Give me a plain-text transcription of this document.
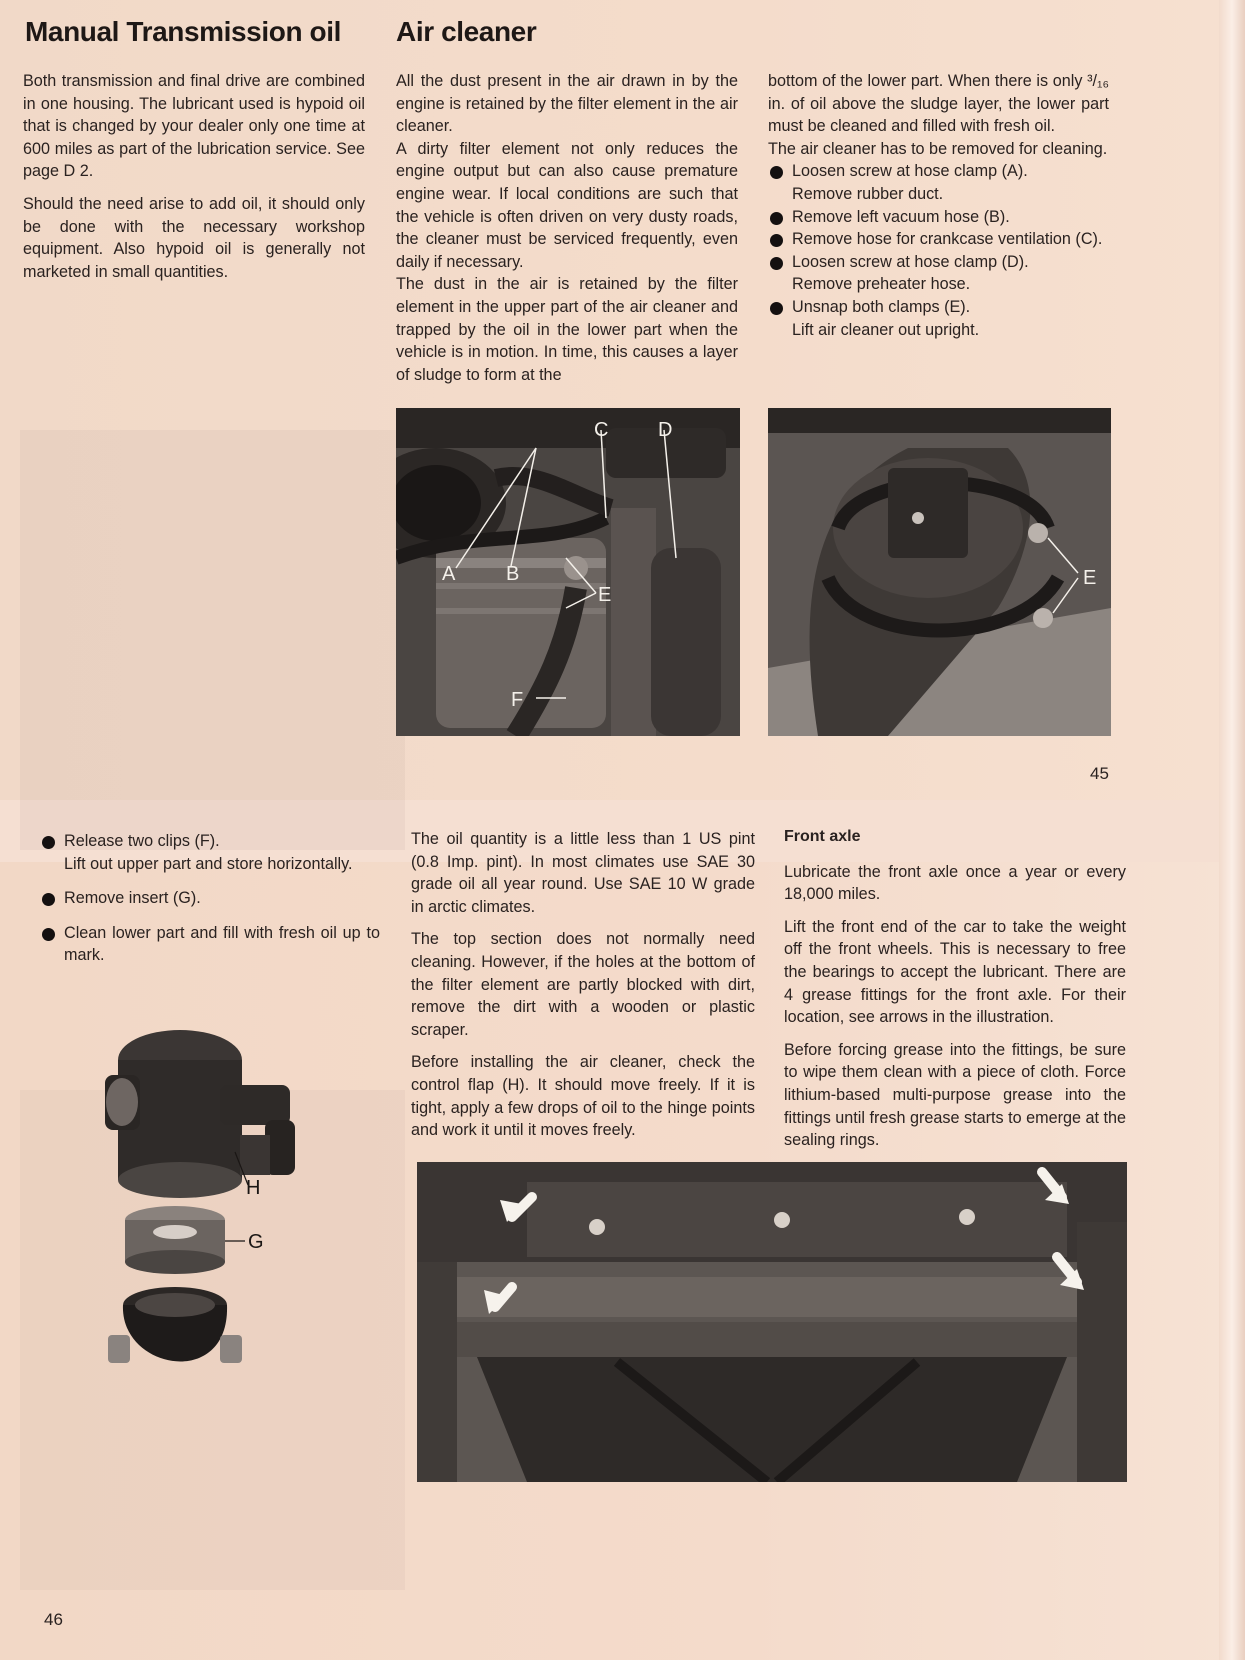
Manual Transmission oil

Both transmission and final drive are combined in one housing. The lubricant used is hypoid oil that is changed by your dealer only one time at 600 miles as part of the lubrication service. See page D 2.

Should the need arise to add oil, it should only be done with the necessary workshop equipment. Also hypoid oil is generally not marketed in small quantities.

Air cleaner

All the dust present in the air drawn in by the engine is retained by the filter element in the air cleaner.

A dirty filter element not only reduces the engine output but can also cause premature engine wear. If local conditions are such that the vehicle is often driven on very dusty roads, the cleaner must be serviced frequently, even daily if necessary.

The dust in the air is retained by the filter element in the upper part of the air cleaner and trapped by the oil in the lower part when the vehicle is in motion. In time, this causes a layer of sludge to form at the

bottom of the lower part. When there is only ³/₁₆ in. of oil above the sludge layer, the lower part must be cleaned and filled with fresh oil.

The air cleaner has to be removed for cleaning.

Loosen screw at hose clamp (A).
Remove rubber duct.
Remove left vacuum hose (B).
Remove hose for crankcase ventilation (C).
Loosen screw at hose clamp (D).
Remove preheater hose.
Unsnap both clamps (E).
Lift air cleaner out upright.
A	B
C D
E
F
E
45
Release two clips (F).
Lift out upper part and store horizontally.
Remove insert (G).
Clean lower part and fill with fresh oil up to mark.
H
G

The oil quantity is a little less than 1 US pint (0.8 Imp. pint). In most climates use SAE 30 grade oil all year round. Use SAE 10 W grade in arctic climates.

The top section does not normally need cleaning. However, if the holes at the bottom of the filter element are partly blocked with dirt, remove the dirt with a wooden or plastic scraper.

Before installing the air cleaner, check the control flap (H). It should move freely. If it is tight, apply a few drops of oil to the hinge points and work it until it moves freely.

Front axle

Lubricate the front axle once a year or every 18,000 miles.

Lift the front end of the car to take the weight off the front wheels. This is necessary to free the bearings to accept the lubricant. There are 4 grease fittings for the front axle. For their location, see arrows in the illustration.

Before forcing grease into the fittings, be sure to wipe them clean with a piece of cloth. Force lithium-based multi-purpose grease into the fittings until fresh grease starts to emerge at the sealing rings.

46
